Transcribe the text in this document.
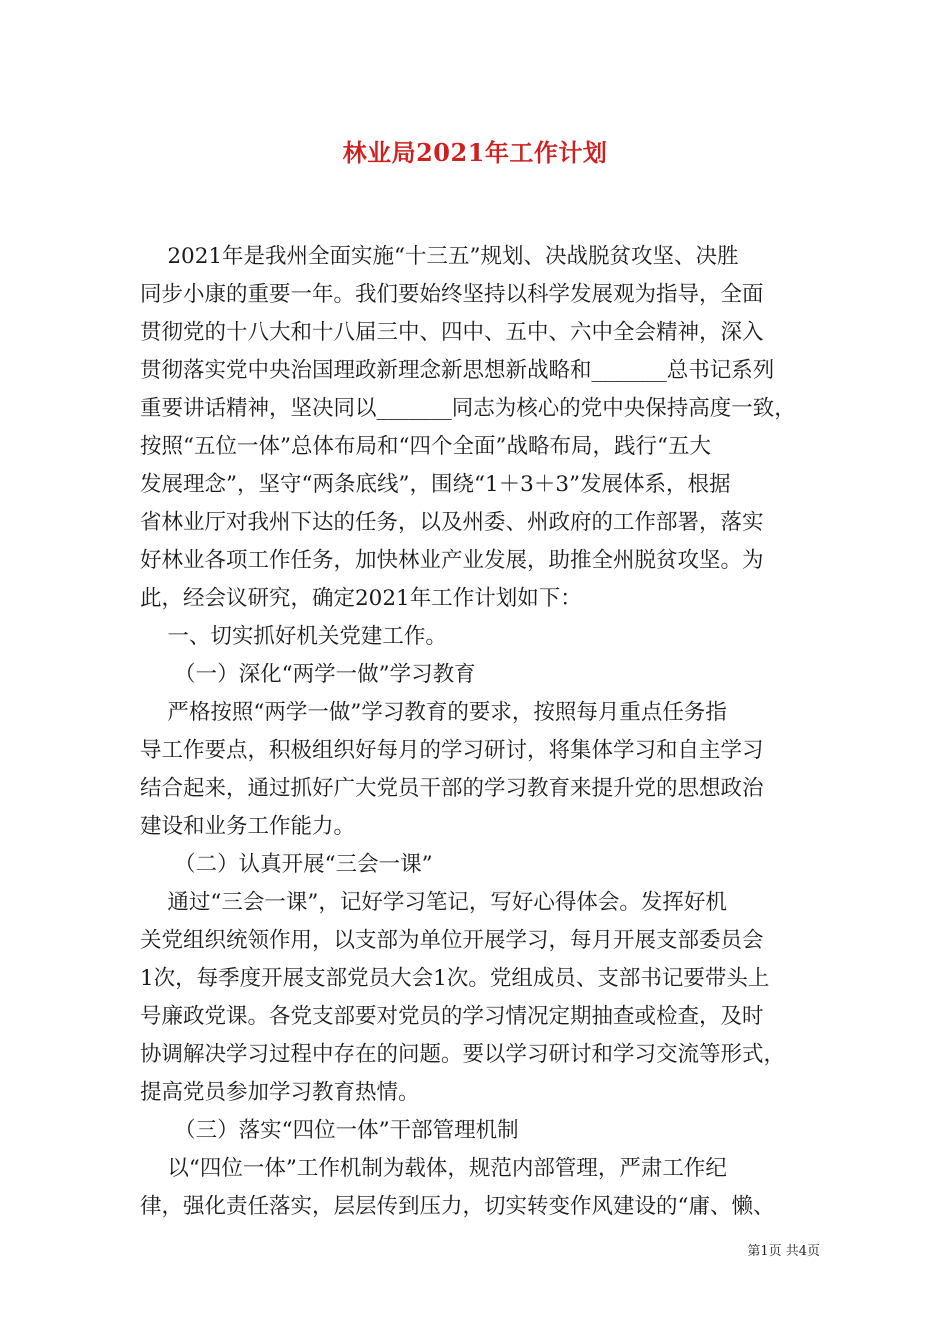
林业局2021年工作计划
2021年是我州全面实施“十三五”规划、决战脱贫攻坚、决胜
同步小康的重要一年。我们要始终坚持以科学发展观为指导，全面
贯彻党的十八大和十八届三中、四中、五中、六中全会精神，深入
贯彻落实党中央治国理政新理念新思想新战略和_______总书记系列
重要讲话精神，坚决同以_______同志为核心的党中央保持高度一致，
按照“五位一体”总体布局和“四个全面”战略布局，践行“五大
发展理念”，坚守“两条底线”，围绕“1＋3＋3”发展体系，根据
省林业厅对我州下达的任务，以及州委、州政府的工作部署，落实
好林业各项工作任务，加快林业产业发展，助推全州脱贫攻坚。为
此，经会议研究，确定2021年工作计划如下：
一、切实抓好机关党建工作。
（一）深化“两学一做”学习教育
严格按照“两学一做”学习教育的要求，按照每月重点任务指
导工作要点，积极组织好每月的学习研讨，将集体学习和自主学习
结合起来，通过抓好广大党员干部的学习教育来提升党的思想政治
建设和业务工作能力。
（二）认真开展“三会一课”
通过“三会一课”，记好学习笔记，写好心得体会。发挥好机
关党组织统领作用，以支部为单位开展学习，每月开展支部委员会
1次，每季度开展支部党员大会1次。党组成员、支部书记要带头上
号廉政党课。各党支部要对党员的学习情况定期抽查或检查，及时
协调解决学习过程中存在的问题。要以学习研讨和学习交流等形式，
提高党员参加学习教育热情。
（三）落实“四位一体”干部管理机制
以“四位一体”工作机制为载体，规范内部管理，严肃工作纪
律，强化责任落实，层层传到压力，切实转变作风建设的“庸、懒、
第1页 共4页
